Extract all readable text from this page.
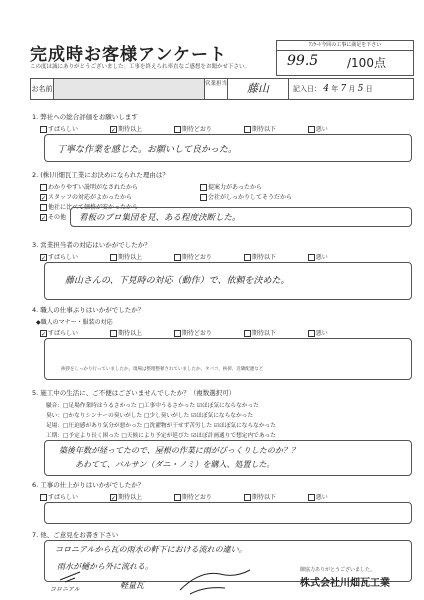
完成時お客様アンケート
この度は誠にありがとうございました。工事を終えられ率直なご感想をお聞かせ下さい。
ｱﾝｹｰﾄ今回の工事に満足を下さい
99.5 /100点
お名前
営業担当	藤山	記入日： 4 年 7 月 5 日
1. 弊社への総合評価をお願いします
すばらしい	✓ 期待以上	期待どおり	期待以下	悪い
丁寧な作業を感じた。お願いして良かった。
2. (株)川畑瓦工業にお決めになられた理由は？
わかりやすい説明がなされたから	提案力があったから
✓ スタッフの対応がよかったから	会社がしっかりしてそうだから
他社に比べて価格が安かったから
✓ その他 看板のプロ集団を見、ある程度決断した。
3. 営業担当者の対応はいかがでしたか？
✓ すばらしい	期待以上	期待どおり	期待以下	悪い
藤山さんの、下見時の対応（動作）で、依頼を決めた。
4. 職人の仕事ぶりはいかがでしたか？
◆職人のマナー・服装の対応
✓ すばらしい	期待以上	期待どおり	期待以下	悪い
挨拶をしっかり行っていましたか。現場は整理整頓されていましたか。タバコ、挨拶、近隣配慮など
5. 施工中の生活に、ご不便はございませんでしたか？（複数選択可）
騒音：□足場作業時はうるさかった □工事中うるさかった ☑ほぼ気にならなかった
臭い：□かなりシンナーの臭いがした □少し臭いがした ☑ほぼ気にならなかった
足場：□圧迫感があり気分が悪かった □洗濯物が干せず苦労した ☑ほぼ気にならなかった
工期：□予定より長く困った □天候により予定が延びた ☑ほぼ計画通りで想定内であった
築後年数が経ってたので、屋根の作業に雨がびっくりしたのか？？
あわてて、バルサン（ダニ・ノミ）を購入、処置した。
6. 工事の仕上がりはいかがでしたか？
すばらしい	✓ 期待以上	期待どおり	期待以下	悪い
7. 他、ご意見をお書き下さい
コロニアルから瓦の雨水の軒下における流れの違い。
雨水が樋から外に流れる。
コロニアル	軽量瓦
御協力ありがとうございました。
株式会社川畑瓦工業
